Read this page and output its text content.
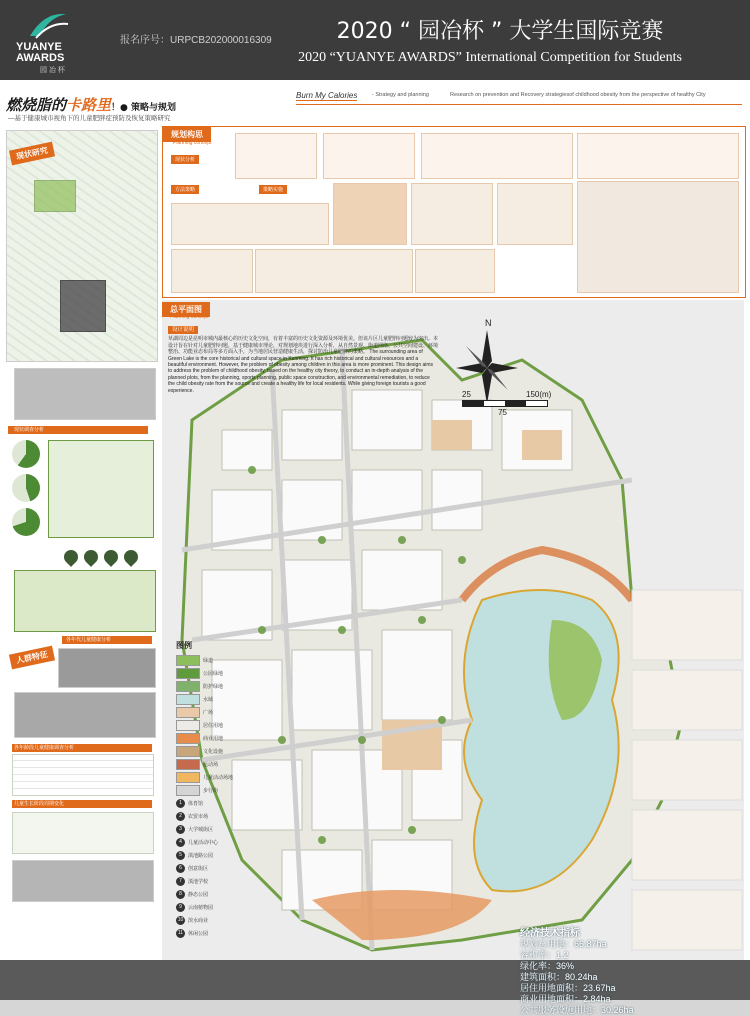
YUANYE
AWARDS
园 冶 杯
报名序号：URPCB202000016309	2020 “ 园冶杯 ” 大学生国际竞赛
2020 “YUANYE AWARDS” International Competition for Students
燃烧脂的卡路里！● 策略与规划
—基于健康城市视角下的儿童肥胖症预防及恢复策略研究
Burn My Calories	- Strategy and planning	Research on prevention and Recovery strategiesof childhood obesity from the perspective of healthy City
现状研究
现状调查分析
人群特征
各年代儿童健康分析
各年龄段儿童健康调查分析
儿童生长阶段周期变化
规划构思
Planning concept
现状分析
方法策略	策略实施
总平面图
Planning concept
设计说明
草湖周边是昆明市城内最核心的历史文化空间，有着丰富的历史文化资源及环境优美。但该片区儿童肥胖问题较为突出。本设计旨在针对儿童肥胖问题，基于健康城市理论，对规划地块进行深入分析，从自然景观、街道网络、公共空间建设、环境整治、功能业态布局等多方面入手，为当地居民营造健康生活，探讨防治儿童肥胖的策略。 The surrounding area of Green Lake is the core historical and cultural space in Kunming. It has rich historical and cultural resources and a beautiful environment. However, the problem of obesity among children in this area is more prominent. This design aims to address the problem of childhood obesity, based on the healthy city theory, to conduct an in-depth analysis of the planned plots, from the planning, sports planning, public space construction, and environmental remediation, to reduce the child obesity rate from the source and create a healthy life for local residents. While giving foreign tourists a good experience.
N
25	150(m)
75
图例
绿道
公园绿地
防护绿地
水域
广场
居住用地
商业用地
文化设施
运动场
儿童活动场地
步行街
1	体育馆
2	农贸市场
3	大学城街区
4	儿童活动中心
5	滇池路公园
6	创意街区
7	滇池学校
8	静态公园
9	云南植物园
10 滨水商业
11 休闲公园	经济技术指标
规划总用地：66.87ha
容积率：1.2
绿化率：36%
建筑面积：80.24ha
居住用地面积：23.67ha
商业用地面积：2.84ha
公共服务设施用地：30.26ha
